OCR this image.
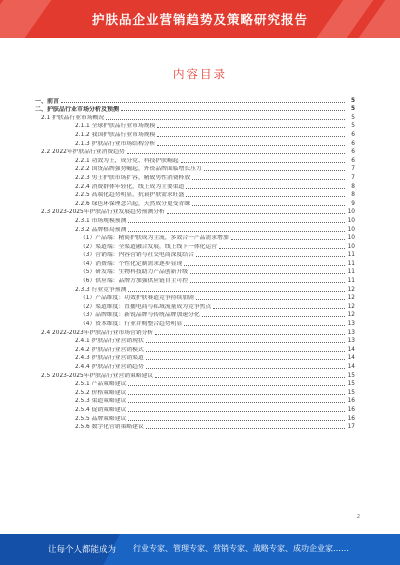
护肤品企业营销趋势及策略研究报告
内容目录
一、前言	5
二、护肤品行业市场分析及预测	5
2.1 护肤品行业市场概况	5
2.1.1 全球护肤品行业市场规模	5
2.1.2 我国护肤品行业市场规模	6
2.1.3 护肤品行业市场结构分析	6
2.2 2022年护肤品行业消费趋势	6
2.2.1 功效为王，成分党、科技护肤崛起	6
2.2.2 国货品牌强势崛起，外资品牌面临增长压力	7
2.2.3 男士护肤市场扩容，精致男性消费释放	7
2.2.4 消费群体年轻化，线上成为主要渠道	8
2.2.5 高端化趋势明显，抗衰护肤需求旺盛	8
2.2.6 绿色环保理念兴起，天然成分更受青睐	9
2.3 2023-2025年护肤品行业发展趋势预测分析	10
2.3.1 市场规模预测	10
2.3.2 品牌格局预测	10
（1）产品端：精简护肤成为主流，多效合一产品需求增加	10
（2）渠道端：全渠道融合发展，线上线下一体化运营	10
（3）营销端：内容营销与社交电商深度结合	11
（4）消费端：个性化定制需求逐步显现	11
（5）研发端：生物科技助力产品创新升级	11
（6）供应端：品牌方加强供应链自主可控	11
2.3.3 行业竞争预测	12
（1）产品维度：功效护肤赛道竞争持续加剧	12
（2）渠道维度：直播电商与私域流量成为竞争焦点	12
（3）品牌维度：新锐品牌与传统品牌加速分化	12
（4）资本维度：行业并购整合趋势明显	13
2.4 2022-2023年护肤品行业市场营销分析	13
2.4.1 护肤品行业营销现状	13
2.4.2 护肤品行业营销模式	14
2.4.3 护肤品行业营销渠道	14
2.4.4 护肤品行业营销趋势	14
2.5 2023-2025年护肤品行业营销策略建议	15
2.5.1 产品策略建议	15
2.5.2 价格策略建议	15
2.5.3 渠道策略建议	16
2.5.4 促销策略建议	16
2.5.5 品牌策略建议	16
2.5.6 数字化营销策略建议	17
2
让每个人都能成为 行业专家、管理专家、营销专家、战略专家、成功企业家……
